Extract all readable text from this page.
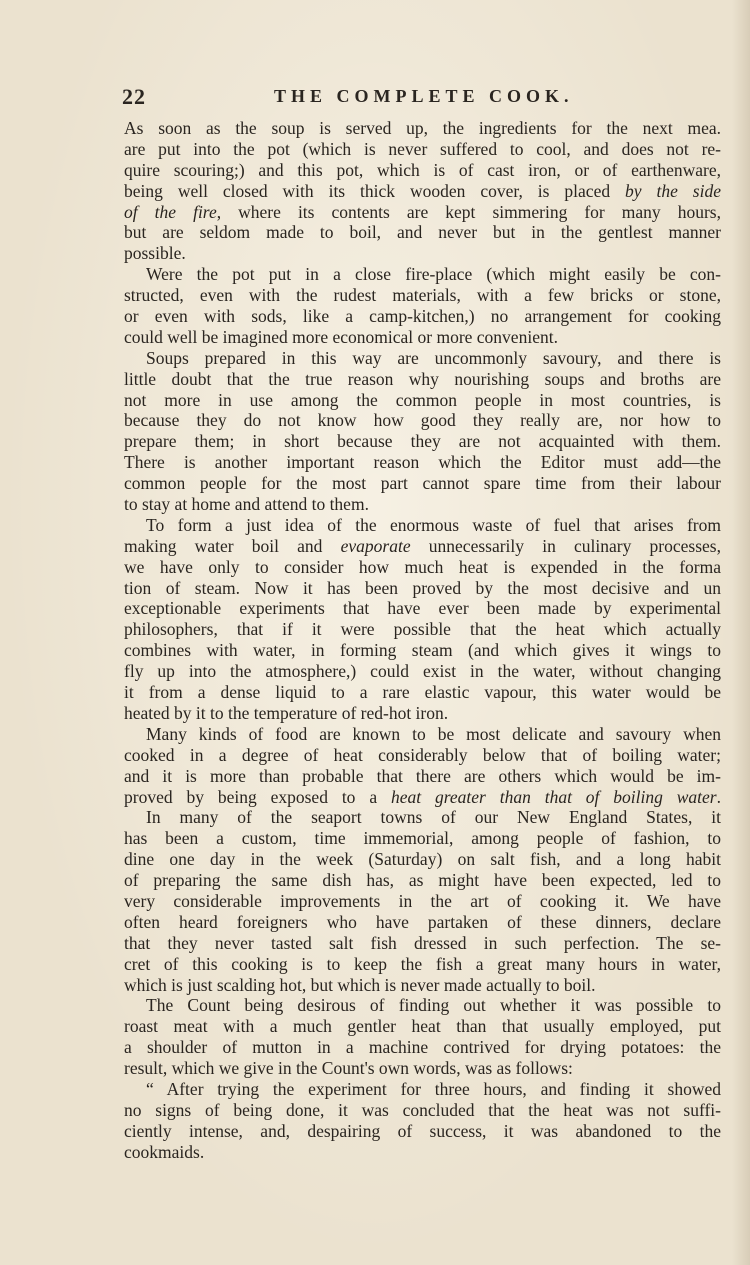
22	THE COMPLETE COOK.
As soon as the soup is served up, the ingredients for the next mea.
are put into the pot (which is never suffered to cool, and does not re-
quire scouring;) and this pot, which is of cast iron, or of earthenware,
being well closed with its thick wooden cover, is placed by the side
of the fire, where its contents are kept simmering for many hours,
but are seldom made to boil, and never but in the gentlest manner
possible.
Were the pot put in a close fire-place (which might easily be con-
structed, even with the rudest materials, with a few bricks or stone,
or even with sods, like a camp-kitchen,) no arrangement for cooking
could well be imagined more economical or more convenient.
Soups prepared in this way are uncommonly savoury, and there is
little doubt that the true reason why nourishing soups and broths are
not more in use among the common people in most countries, is
because they do not know how good they really are, nor how to
prepare them; in short because they are not acquainted with them.
There is another important reason which the Editor must add—the
common people for the most part cannot spare time from their labour
to stay at home and attend to them.
To form a just idea of the enormous waste of fuel that arises from
making water boil and evaporate unnecessarily in culinary processes,
we have only to consider how much heat is expended in the forma
tion of steam. Now it has been proved by the most decisive and un
exceptionable experiments that have ever been made by experimental
philosophers, that if it were possible that the heat which actually
combines with water, in forming steam (and which gives it wings to
fly up into the atmosphere,) could exist in the water, without changing
it from a dense liquid to a rare elastic vapour, this water would be
heated by it to the temperature of red-hot iron.
Many kinds of food are known to be most delicate and savoury when
cooked in a degree of heat considerably below that of boiling water;
and it is more than probable that there are others which would be im-
proved by being exposed to a heat greater than that of boiling water.
In many of the seaport towns of our New England States, it
has been a custom, time immemorial, among people of fashion, to
dine one day in the week (Saturday) on salt fish, and a long habit
of preparing the same dish has, as might have been expected, led to
very considerable improvements in the art of cooking it. We have
often heard foreigners who have partaken of these dinners, declare
that they never tasted salt fish dressed in such perfection. The se-
cret of this cooking is to keep the fish a great many hours in water,
which is just scalding hot, but which is never made actually to boil.
The Count being desirous of finding out whether it was possible to
roast meat with a much gentler heat than that usually employed, put
a shoulder of mutton in a machine contrived for drying potatoes: the
result, which we give in the Count's own words, was as follows:
“ After trying the experiment for three hours, and finding it showed
no signs of being done, it was concluded that the heat was not suffi-
ciently intense, and, despairing of success, it was abandoned to the
cookmaids.
